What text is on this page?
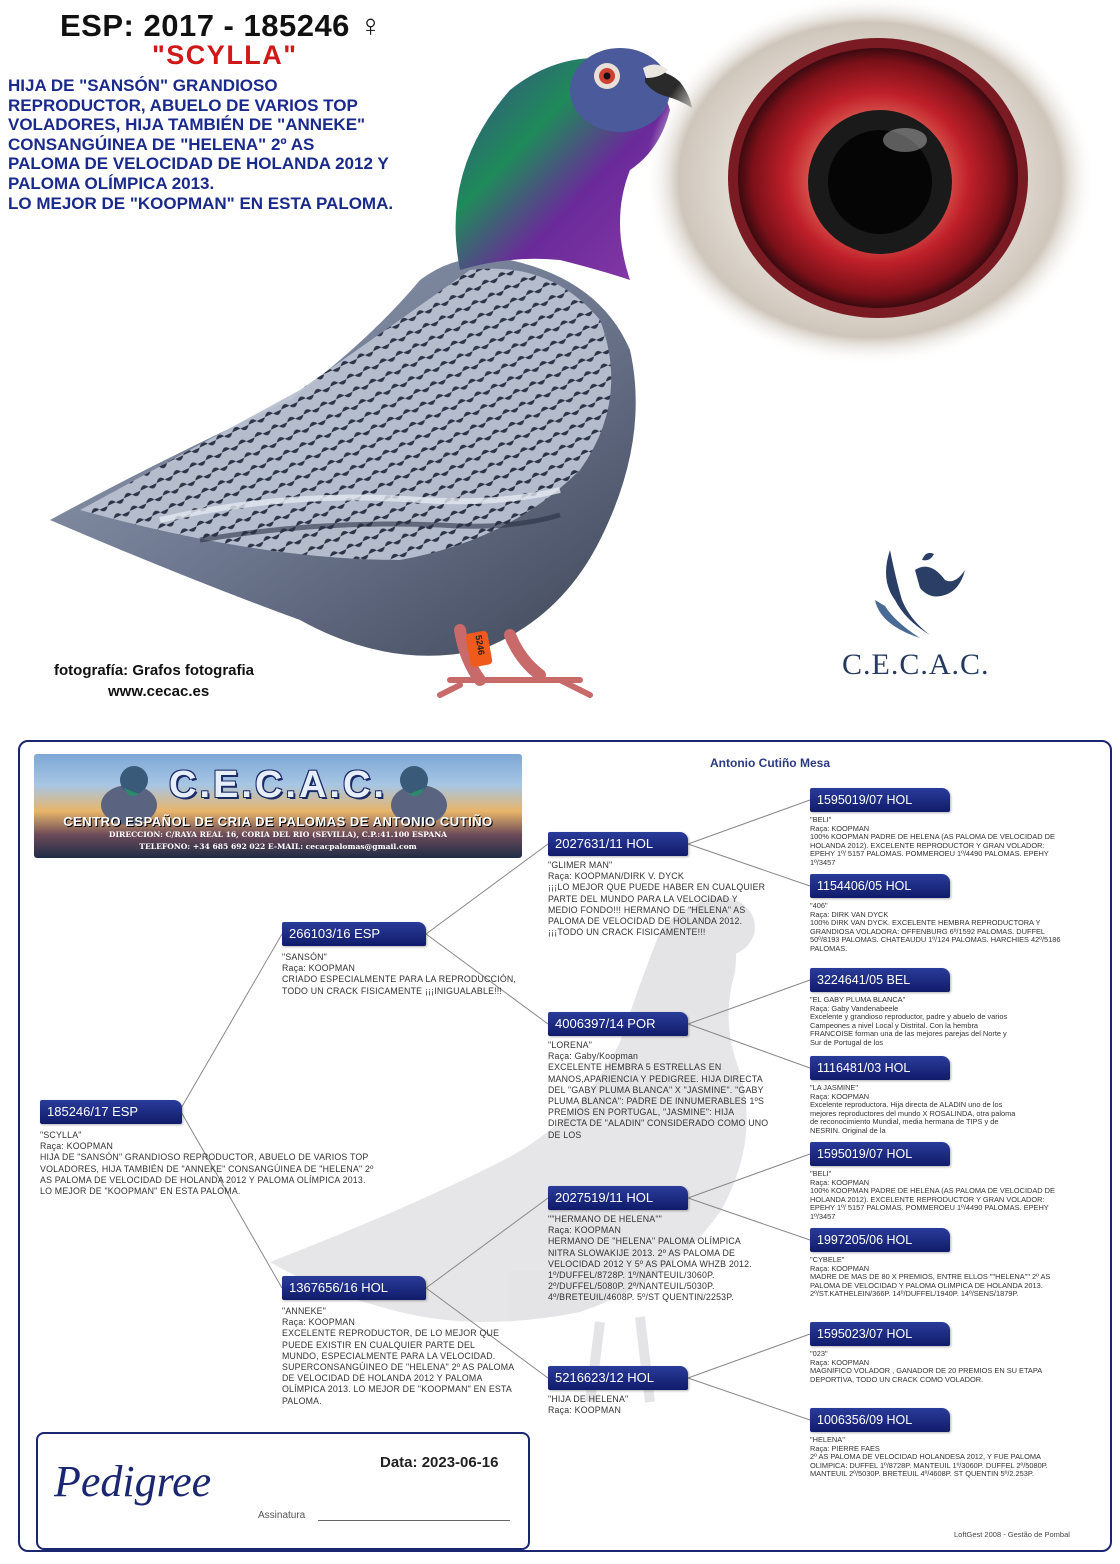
5246
ESP: 2017 - 185246 ♀
"SCYLLA"
HIJA DE "SANSÓN" GRANDIOSO
REPRODUCTOR, ABUELO DE VARIOS TOP
VOLADORES, HIJA TAMBIÉN DE "ANNEKE"
CONSANGÚINEA DE "HELENA" 2º AS
PALOMA DE VELOCIDAD DE HOLANDA 2012 Y
PALOMA OLÍMPICA 2013.
LO MEJOR DE "KOOPMAN" EN ESTA PALOMA.
fotografía: Grafos fotografia
www.cecac.es
C.E.C.A.C.
C.E.C.A.C.
CENTRO ESPAÑOL DE CRIA DE PALOMAS DE ANTONIO CUTIÑO
DIRECCION: C/RAYA REAL 16, CORIA DEL RIO (SEVILLA), C.P.:41.100 ESPANA
TELEFONO: +34 685 692 022 E-MAIL: cecacpalomas@gmail.com
Antonio Cutiño Mesa
185246/17 ESP
"SCYLLA"
Raça: KOOPMAN
HIJA DE "SANSÓN" GRANDIOSO REPRODUCTOR, ABUELO DE VARIOS TOP VOLADORES, HIJA TAMBIÉN DE "ANNEKE" CONSANGÚINEA DE "HELENA" 2º AS PALOMA DE VELOCIDAD DE HOLANDA 2012 Y PALOMA OLÍMPICA 2013. LO MEJOR DE "KOOPMAN" EN ESTA PALOMA.
266103/16 ESP
"SANSÓN"
Raça: KOOPMAN
CRIADO ESPECIALMENTE PARA LA REPRODUCCIÓN, TODO UN CRACK FISICAMENTE ¡¡¡INIGUALABLE!!!
1367656/16 HOL
"ANNEKE"
Raça: KOOPMAN
EXCELENTE REPRODUCTOR, DE LO MEJOR QUE PUEDE EXISTIR EN CUALQUIER PARTE DEL MUNDO, ESPECIALMENTE PARA LA VELOCIDAD. SUPERCONSANGÚINEO DE "HELENA" 2º AS PALOMA DE VELOCIDAD DE HOLANDA 2012 Y PALOMA OLÍMPICA 2013. LO MEJOR DE "KOOPMAN" EN ESTA PALOMA.
2027631/11 HOL
"GLIMER MAN"
Raça: KOOPMAN/DIRK V. DYCK
¡¡¡LO MEJOR QUE PUEDE HABER EN CUALQUIER PARTE DEL MUNDO PARA LA VELOCIDAD Y MEDIO FONDO!!! HERMANO DE "HELENA" AS PALOMA DE VELOCIDAD DE HOLANDA 2012. ¡¡¡TODO UN CRACK FISICAMENTE!!!
4006397/14 POR
"LORENA"
Raça: Gaby/Koopman
EXCELENTE HEMBRA 5 ESTRELLAS EN MANOS,APARIENCIA Y PEDIGREE. HIJA DIRECTA DEL "GABY PLUMA BLANCA" X "JASMINE". "GABY PLUMA BLANCA": PADRE DE INNUMERABLES 1ºS PREMIOS EN PORTUGAL, "JASMINE": HIJA DIRECTA DE "ALADIN" CONSIDERADO COMO UNO DE LOS
2027519/11 HOL
""HERMANO DE HELENA""
Raça: KOOPMAN
HERMANO DE "HELENA" PALOMA OLÍMPICA NITRA SLOWAKIJE 2013. 2º AS PALOMA DE VELOCIDAD 2012 Y 5º AS PALOMA WHZB 2012. 1º/DUFFEL/8728P. 1º/NANTEUIL/3060P. 2º/DUFFEL/5080P. 2º/NANTEUIL/5030P. 4º/BRETEUIL/4608P. 5º/ST QUENTIN/2253P.
5216623/12 HOL
"HIJA DE HELENA"
Raça: KOOPMAN
1595019/07 HOL
"BELI"
Raça: KOOPMAN
100% KOOPMAN PADRE DE HELENA (AS PALOMA DE VELOCIDAD DE HOLANDA 2012). EXCELENTE REPRODUCTOR Y GRAN VOLADOR: EPEHY 1º/ 5157 PALOMAS. POMMEROEU 1º/4490 PALOMAS. EPEHY 1º/3457
1154406/05 HOL
"406"
Raça: DIRK VAN DYCK
100% DIRK VAN DYCK. EXCELENTE HEMBRA REPRODUCTORA Y GRANDIOSA VOLADORA: OFFENBURG 6º/1592 PALOMAS. DUFFEL 50º/8193 PALOMAS. CHATEAUDU 1º/124 PALOMAS. HARCHIES 42º/5186 PALOMAS.
3224641/05 BEL
"EL GABY PLUMA BLANCA"
Raça: Gaby Vandenabeele
Excelente y grandioso reproductor, padre y abuelo de varios Campeones a nivel Local y Distrital. Con la hembra FRANCOISE forman una de las mejores parejas del Norte y Sur de Portugal de los
1116481/03 HOL
"LA JASMINE"
Raça: KOOPMAN
Excelente reproductora. Hija directa de ALADIN uno de los mejores reproductores del mundo X ROSALINDA, otra paloma de reconocimiento Mundial, media hermana de TIPS y de NESRIN. Original de la
1595019/07 HOL
"BELI"
Raça: KOOPMAN
100% KOOPMAN PADRE DE HELENA (AS PALOMA DE VELOCIDAD DE HOLANDA 2012). EXCELENTE REPRODUCTOR Y GRAN VOLADOR: EPEHY 1º/ 5157 PALOMAS. POMMEROEU 1º/4490 PALOMAS. EPEHY 1º/3457
1997205/06 HOL
"CYBELE"
Raça: KOOPMAN
MADRE DE MAS DE 80 X PREMIOS, ENTRE ELLOS ""HELENA"" 2º AS PALOMA DE VELOCIDAD Y PALOMA OLIMPICA DE HOLANDA 2013. 2º/ST.KATHELEIN/366P. 14º/DUFFEL/1940P. 14º/SENS/1879P.
1595023/07 HOL
"023"
Raça: KOOPMAN
MAGNIFICO VOLADOR , GANADOR DE 20 PREMIOS EN SU ETAPA DEPORTIVA, TODO UN CRACK COMO VOLADOR.
1006356/09 HOL
"HELENA"
Raça: PIERRE FAES
2º AS PALOMA DE VELOCIDAD HOLANDESA 2012, Y FUE PALOMA OLIMPICA: DUFFEL 1º/8728P. MANTEUIL 1º/3060P. DUFFEL 2º/5080P. MANTEUIL 2º/5030P. BRETEUIL 4º/4608P. ST QUENTIN 5º/2.253P.
Pedigree	Data: 2023-06-16
Assinatura
LoftGest 2008 - Gestão de Pombal
